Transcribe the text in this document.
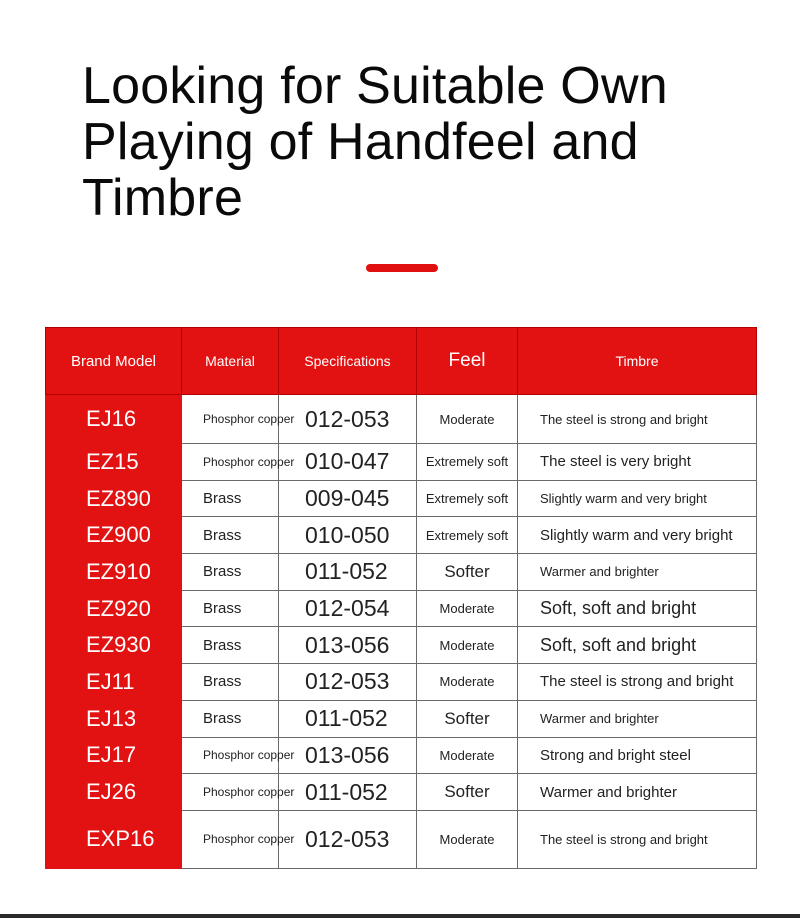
Looking for Suitable Own Playing of Handfeel and Timbre
Brand Model	Material	Specifications	Feel	Timbre
EJ16	Phosphor copper	012-053	Moderate	The steel is strong and bright
EZ15	Phosphor copper	010-047	Extremely soft	The steel is very bright
EZ890	Brass	009-045	Extremely soft	Slightly warm and very bright
EZ900	Brass	010-050	Extremely soft	Slightly warm and very bright
EZ910	Brass	011-052	Softer	Warmer and brighter
EZ920	Brass	012-054	Moderate	Soft, soft and bright
EZ930	Brass	013-056	Moderate	Soft, soft and bright
EJ11	Brass	012-053	Moderate	The steel is strong and bright
EJ13	Brass	011-052	Softer	Warmer and brighter
EJ17	Phosphor copper	013-056	Moderate	Strong and bright steel
EJ26	Phosphor copper	011-052	Softer	Warmer and brighter
EXP16	Phosphor copper	012-053	Moderate	The steel is strong and bright
